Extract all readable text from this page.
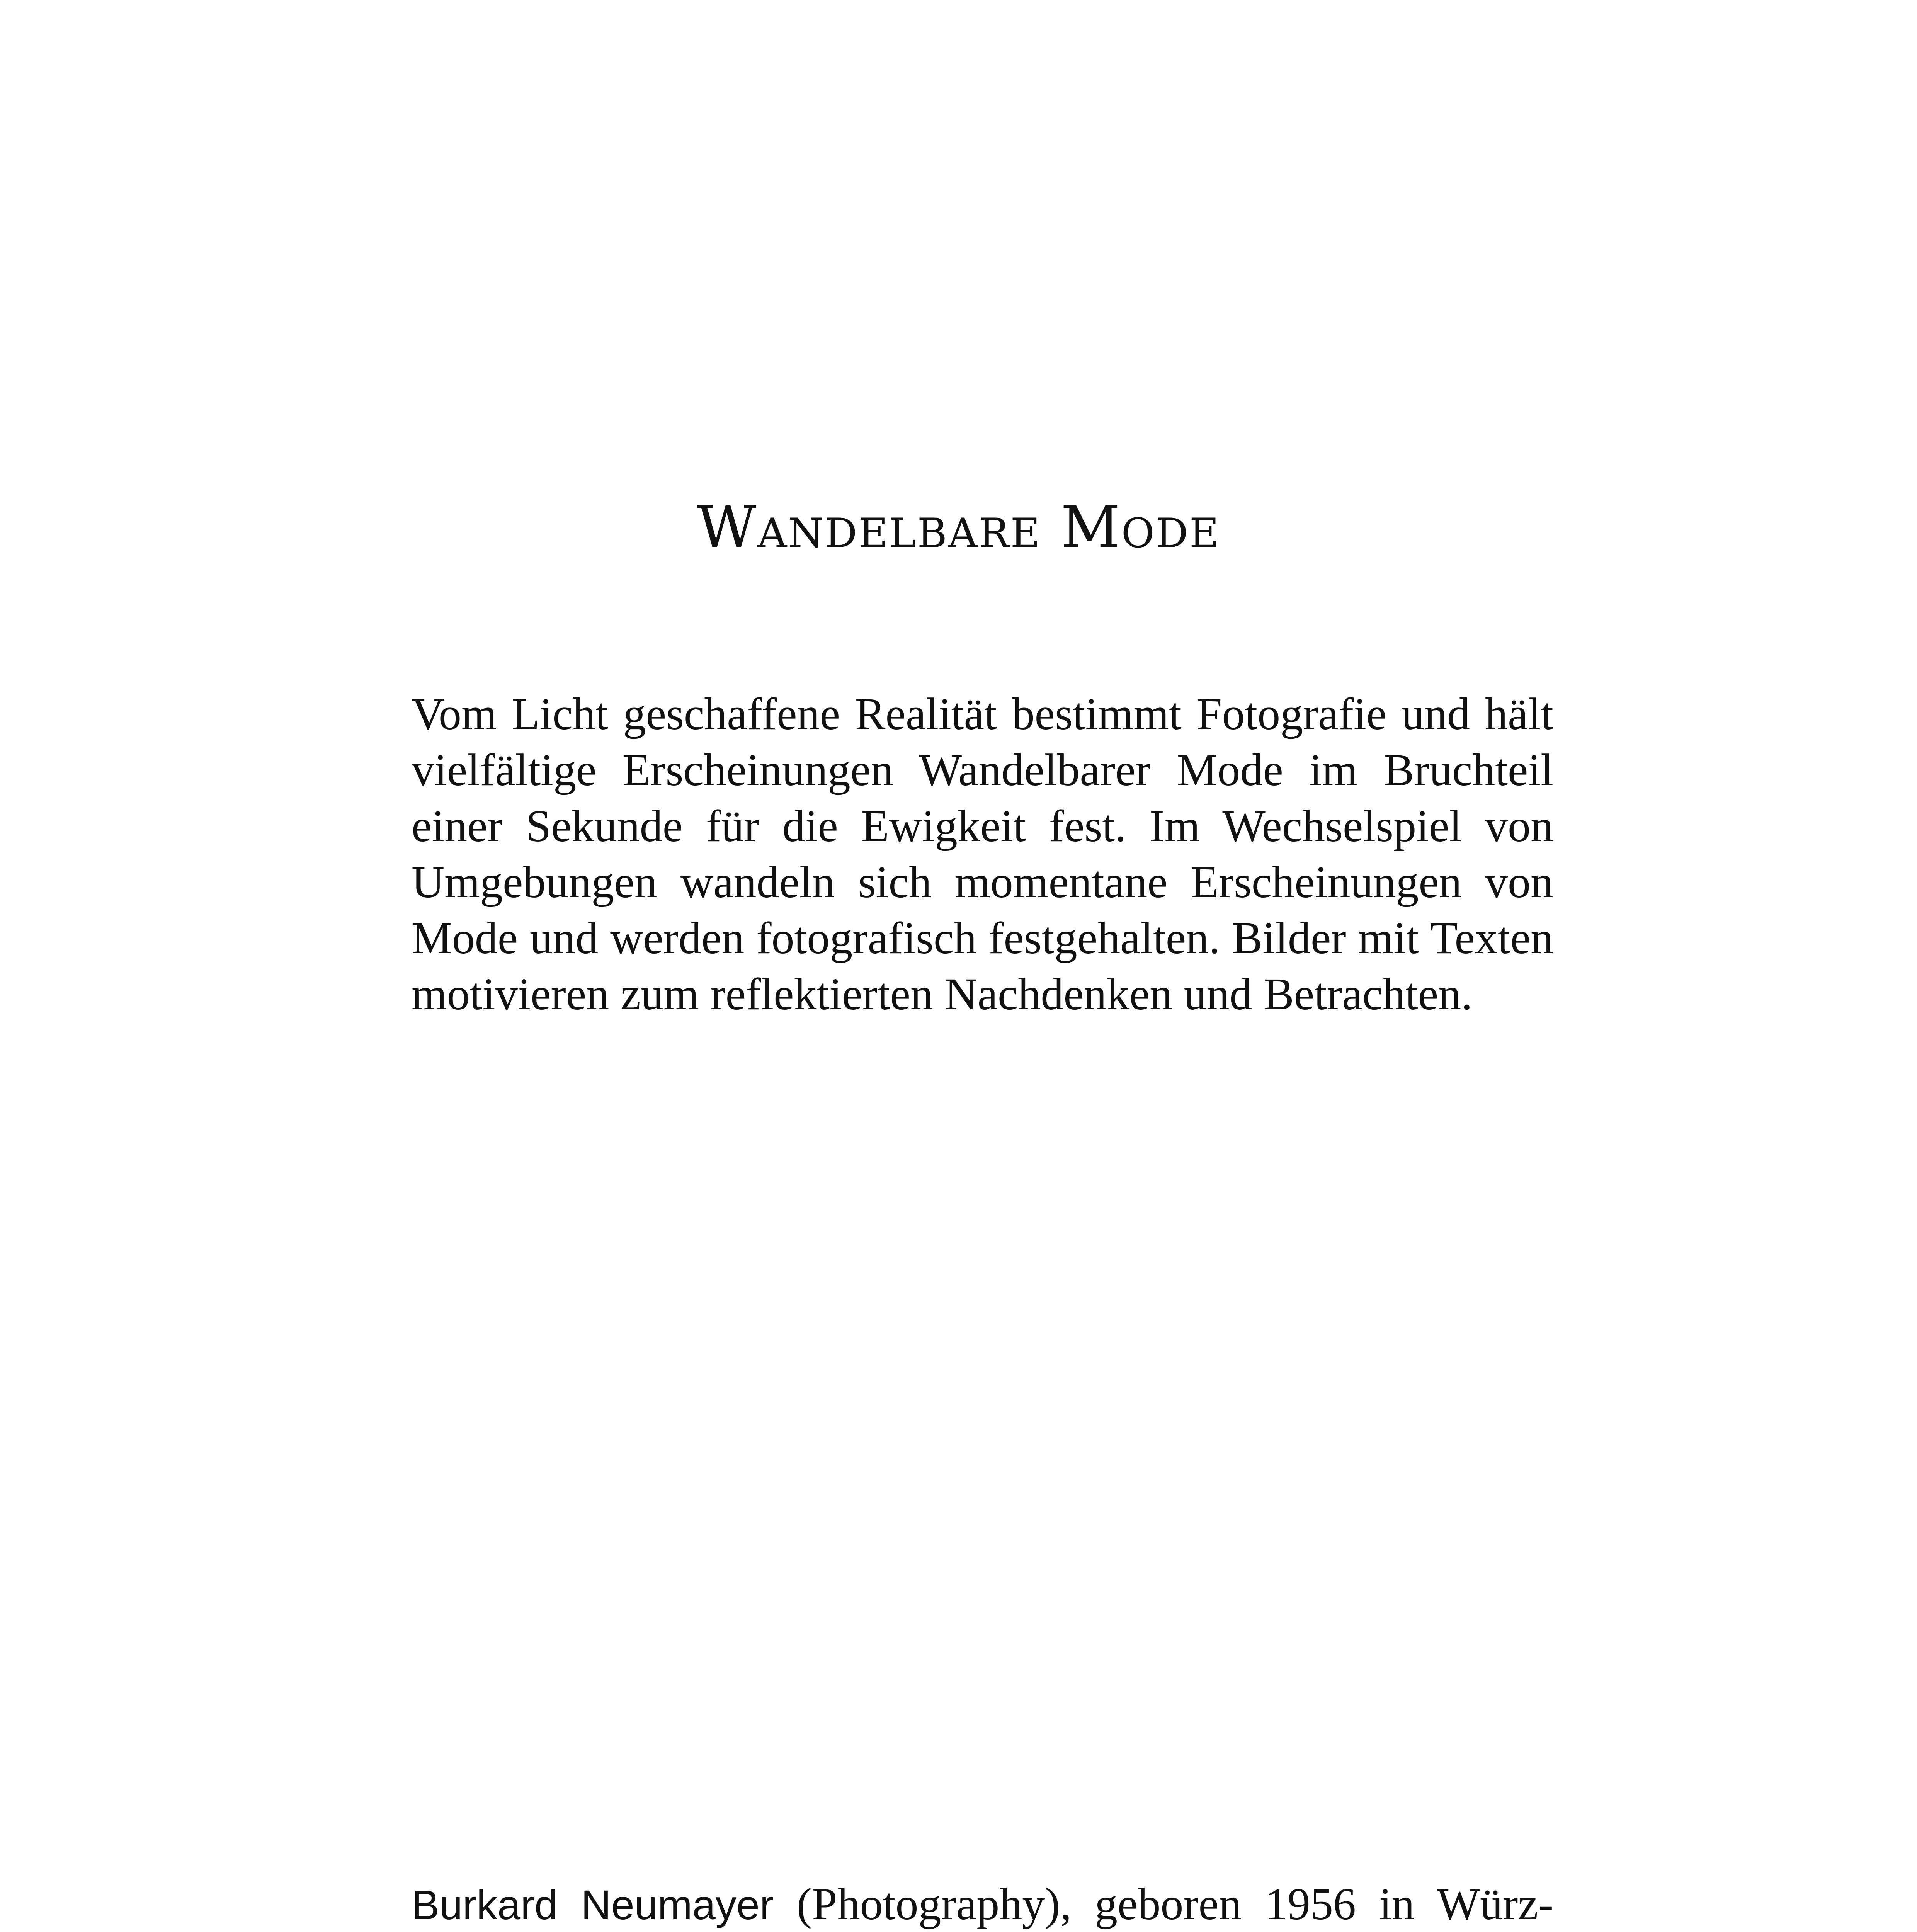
Wandelbare Mode

Vom Licht geschaffene Realität bestimmt Fotografie und hält vielfältige Erscheinungen Wandelbarer Mode im Bruchteil einer Sekunde für die Ewigkeit fest. Im Wechselspiel von Umgebungen wandeln sich momentane Erscheinungen von Mode und werden fotografisch festgehalten. Bilder mit Texten motivieren zum reflektierten Nachdenken und Betrachten.

Burkard Neumayer (Photography), geboren 1956 in Würz
